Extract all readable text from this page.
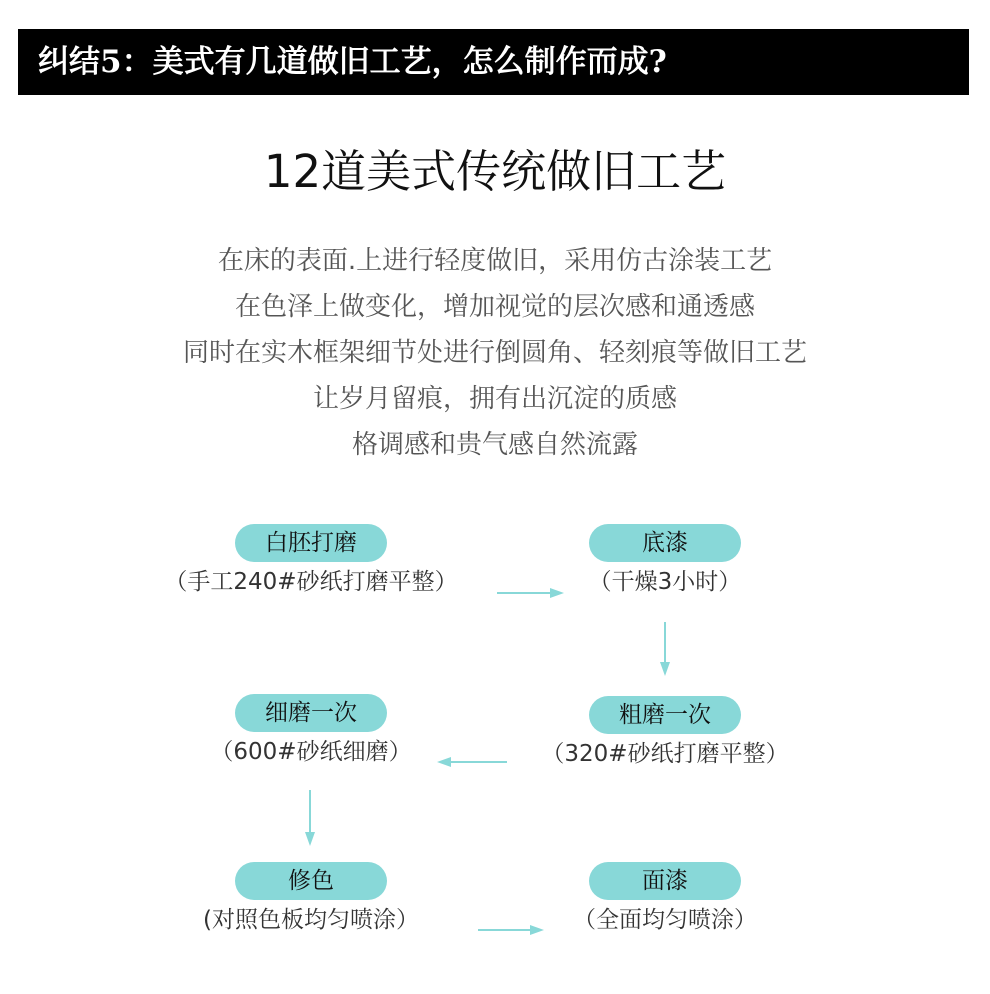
纠结5：美式有几道做旧工艺，怎么制作而成?
12道美式传统做旧工艺
在床的表面.上进行轻度做旧，采用仿古涂装工艺
在色泽上做变化，增加视觉的层次感和通透感
同时在实木框架细节处进行倒圆角、轻刻痕等做旧工艺
让岁月留痕，拥有出沉淀的质感
格调感和贵气感自然流露
白胚打磨
（手工240#砂纸打磨平整）
底漆
（干燥3小时）
粗磨一次
（320#砂纸打磨平整）
细磨一次
（600#砂纸细磨）
修色
(对照色板均匀喷涂）
面漆
（全面均匀喷涂）
